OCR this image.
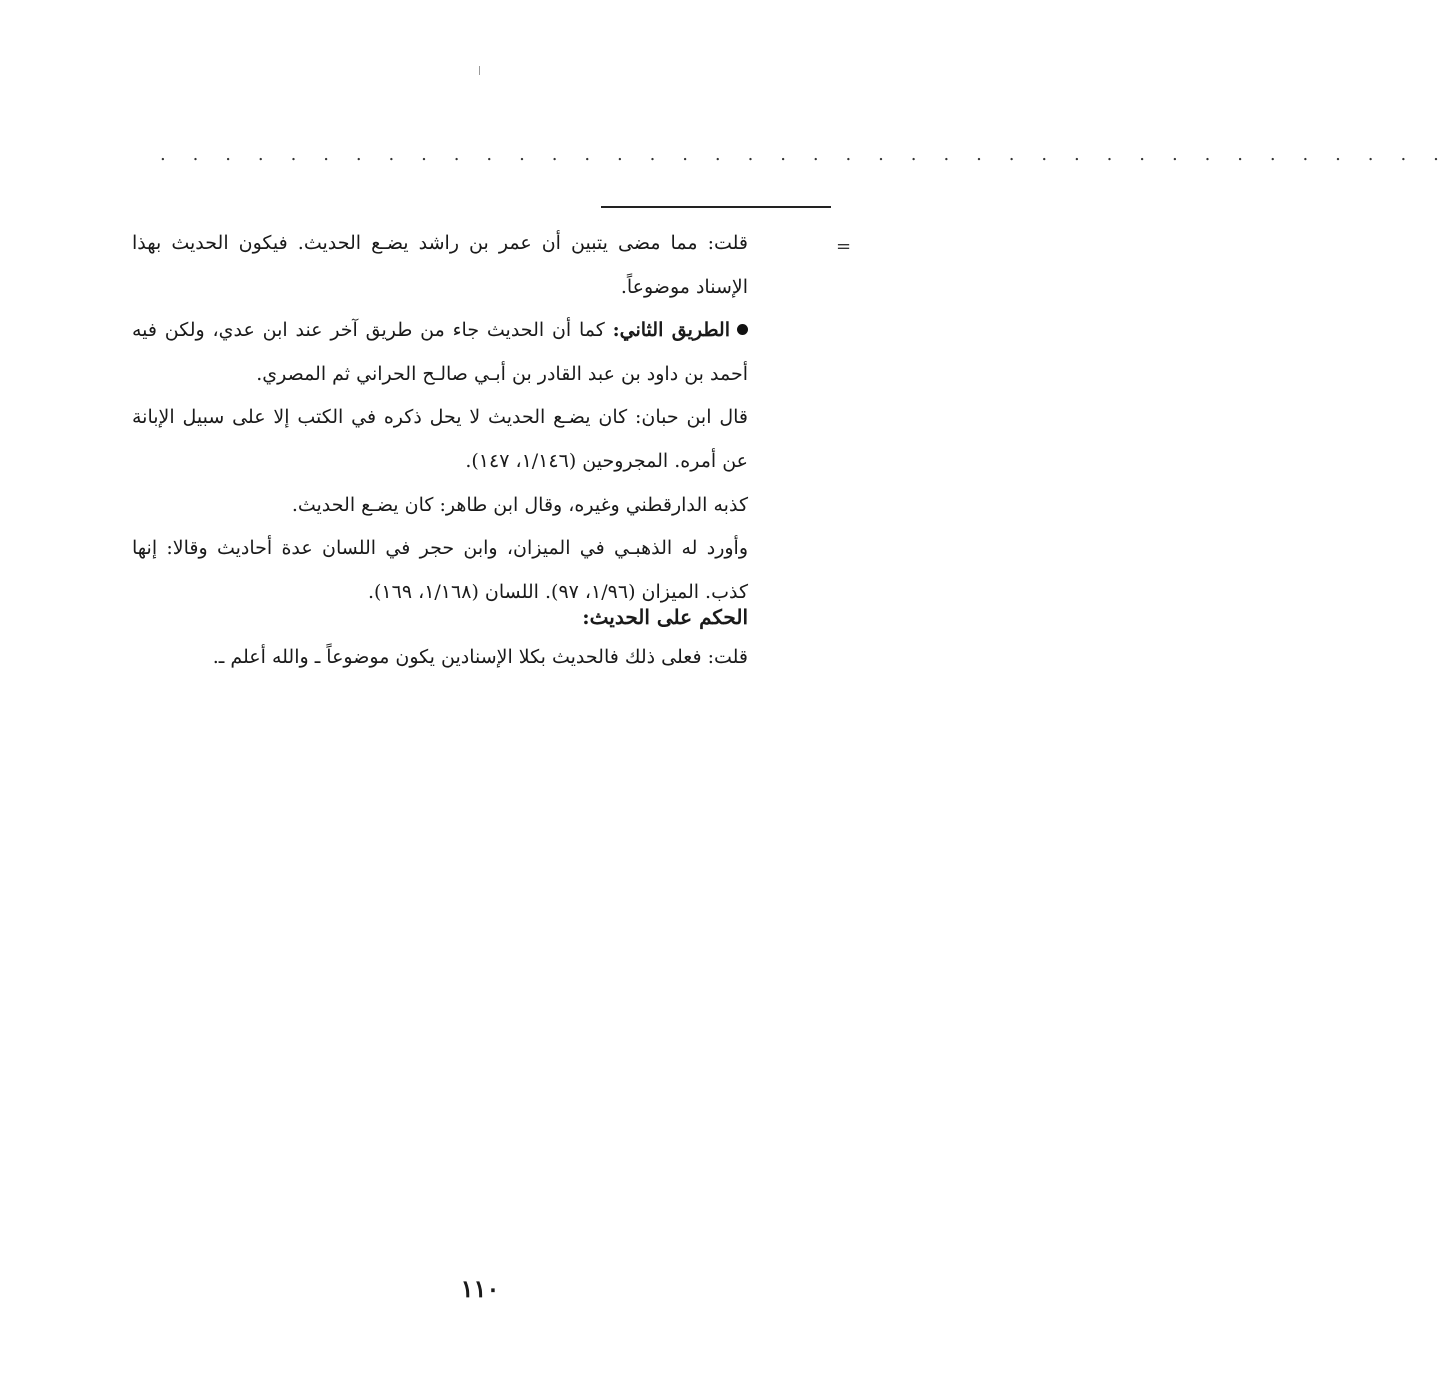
. . . . . . . . . . . . . . . . . . . . . . . . . . . . . . . . . . . . . . . .
=

قلت: مما مضى يتبين أن عمر بن راشد يضـع الحديث. فيكون الحديث بهذا الإسناد موضوعاً.

الطريق الثاني: كما أن الحديث جاء من طريق آخر عند ابن عدي، ولكن فيه أحمد بن داود بن عبد القادر بن أبـي صالـح الحراني ثم المصري.

قال ابن حبان: كان يضـع الحديث لا يحل ذكره في الكتب إلا على سبيل الإبانة عن أمره. المجروحين (١/١٤٦، ١٤٧).

كذبه الدارقطني وغيره، وقال ابن طاهر: كان يضـع الحديث.

وأورد له الذهبـي في الميزان، وابن حجر في اللسان عدة أحاديث وقالا: إنها كذب. الميزان (١/٩٦، ٩٧). اللسان (١/١٦٨، ١٦٩).

الحكم على الحديث:
قلت: فعلى ذلك فالحديث بكلا الإسنادين يكون موضوعاً ـ والله أعلم ـ.
١١٠
